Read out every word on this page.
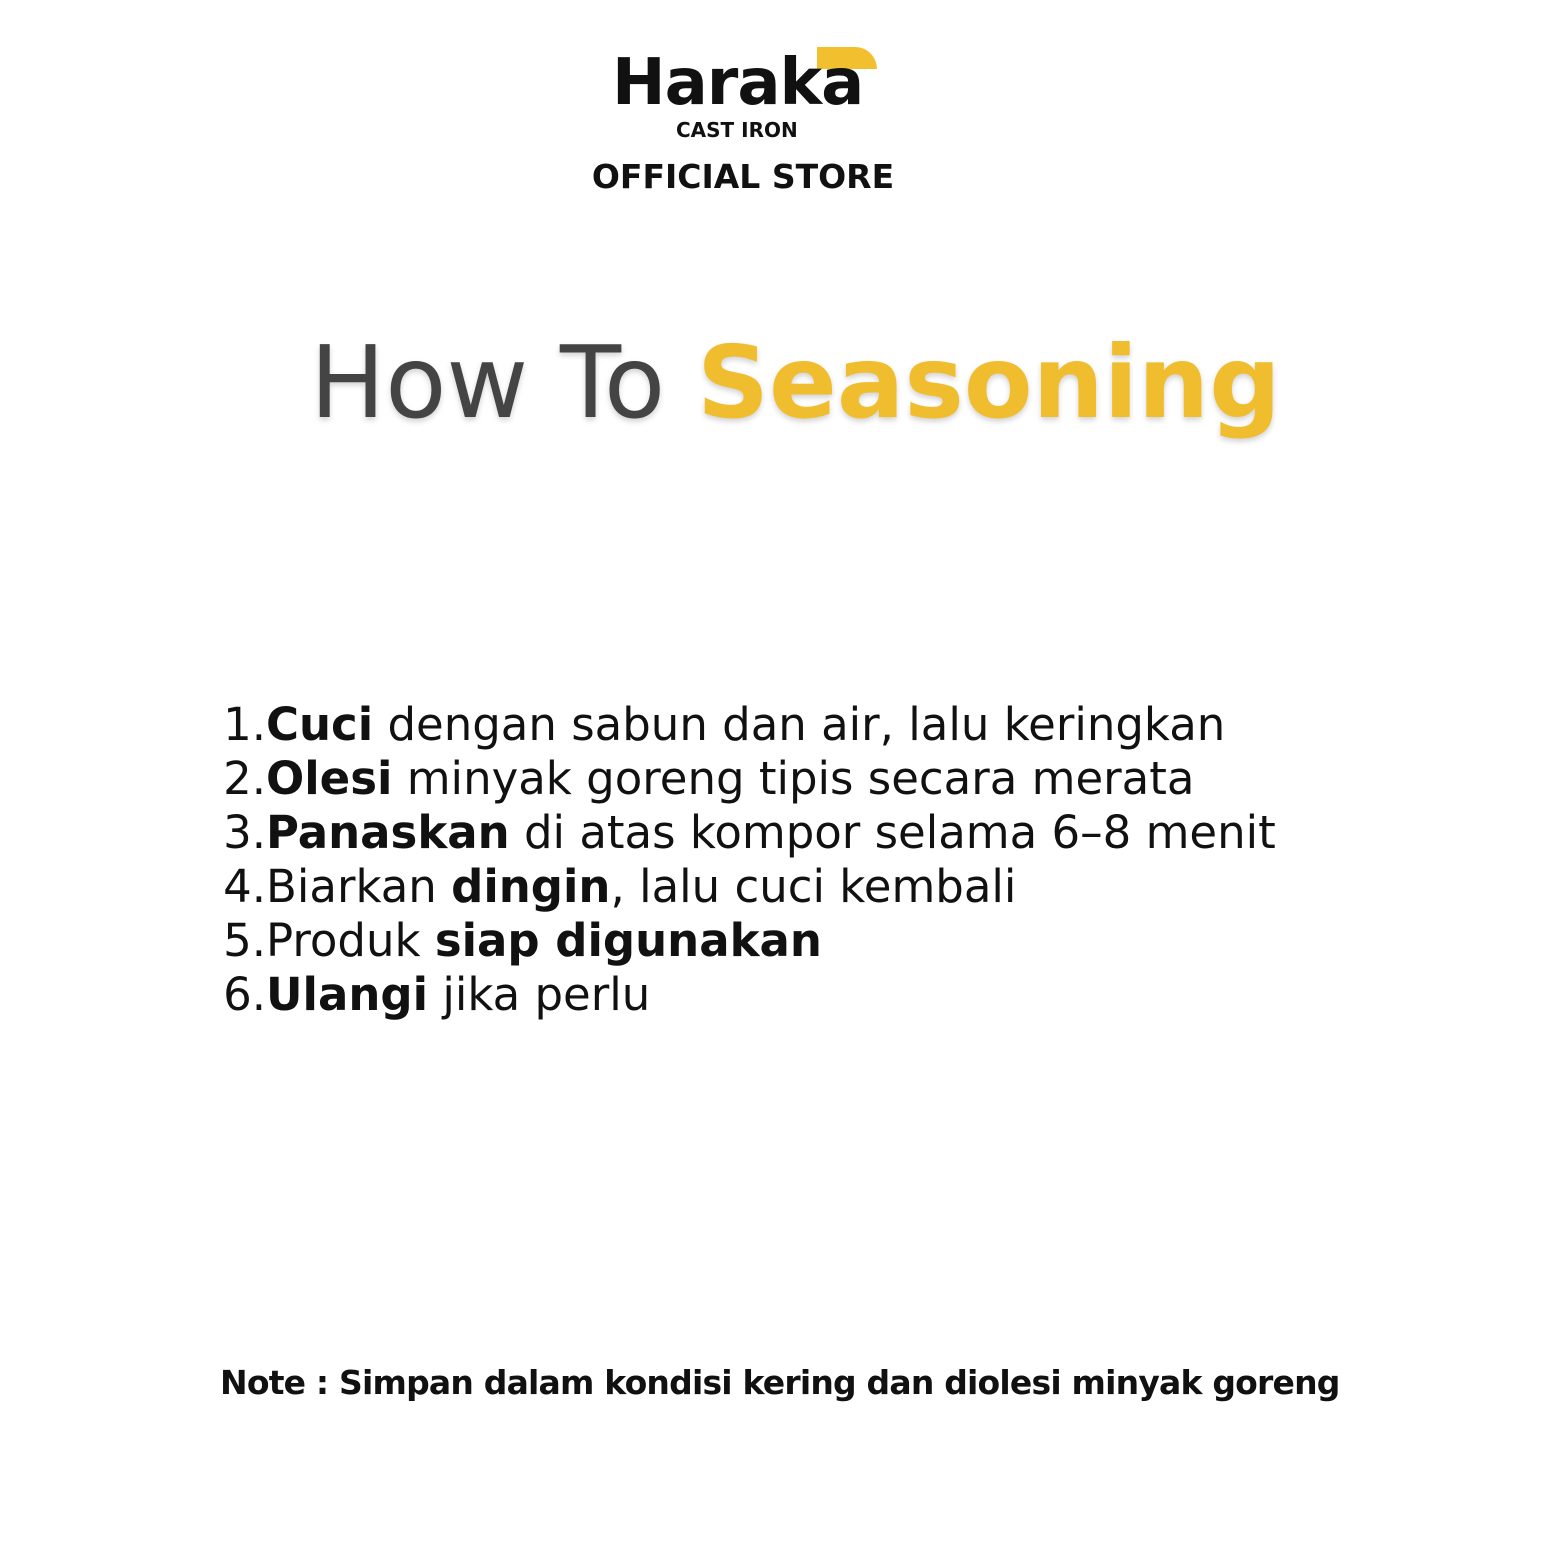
Haraka
CAST IRON
OFFICIAL STORE
How To Seasoning
1.Cuci dengan sabun dan air, lalu keringkan
2.Olesi minyak goreng tipis secara merata
3.Panaskan di atas kompor selama 6–8 menit
4.Biarkan dingin, lalu cuci kembali
5.Produk siap digunakan
6.Ulangi jika perlu
Note : Simpan dalam kondisi kering dan diolesi minyak goreng
